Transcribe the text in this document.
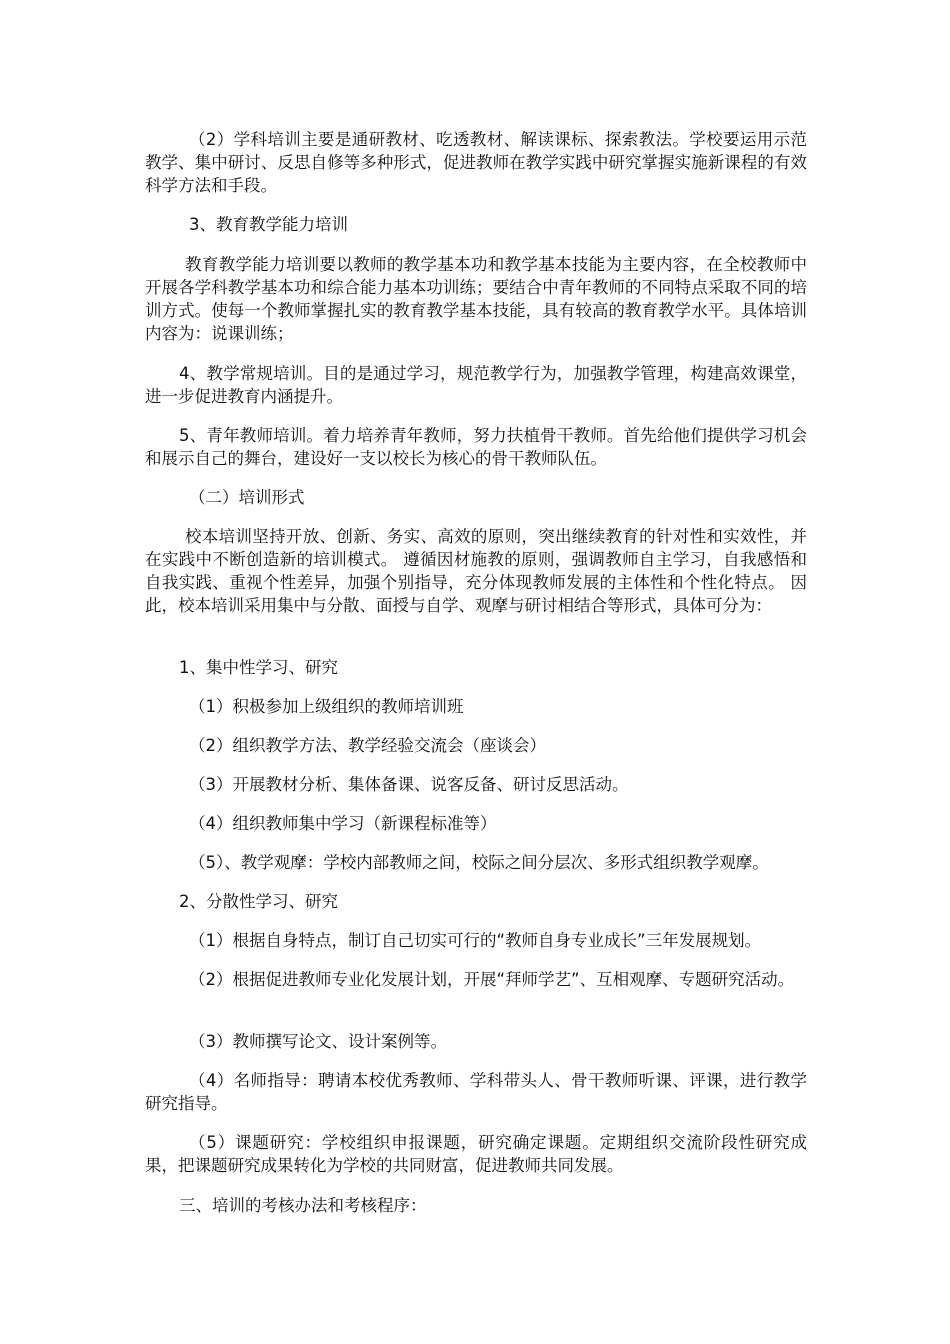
（2）学科培训主要是通研教材、吃透教材、解读课标、探索教法。学校要运用示范教学、集中研讨、反思自修等多种形式，促进教师在教学实践中研究掌握实施新课程的有效科学方法和手段。

3、教育教学能力培训

教育教学能力培训要以教师的教学基本功和教学基本技能为主要内容，在全校教师中开展各学科教学基本功和综合能力基本功训练；要结合中青年教师的不同特点采取不同的培训方式。使每一个教师掌握扎实的教育教学基本技能，具有较高的教育教学水平。具体培训内容为：说课训练；

4、教学常规培训。目的是通过学习，规范教学行为，加强教学管理，构建高效课堂，进一步促进教育内涵提升。

5、青年教师培训。着力培养青年教师，努力扶植骨干教师。首先给他们提供学习机会和展示自己的舞台，建设好一支以校长为核心的骨干教师队伍。

（二）培训形式

校本培训坚持开放、创新、务实、高效的原则，突出继续教育的针对性和实效性，并在实践中不断创造新的培训模式。 遵循因材施教的原则，强调教师自主学习，自我感悟和自我实践、重视个性差异，加强个别指导，充分体现教师发展的主体性和个性化特点。 因此，校本培训采用集中与分散、面授与自学、观摩与研讨相结合等形式，具体可分为：

1、集中性学习、研究

（1）积极参加上级组织的教师培训班

（2）组织教学方法、教学经验交流会（座谈会）

（3）开展教材分析、集体备课、说客反备、研讨反思活动。

（4）组织教师集中学习（新课程标准等）

（5）、教学观摩：学校内部教师之间，校际之间分层次、多形式组织教学观摩。

2、分散性学习、研究

（1）根据自身特点，制订自己切实可行的“教师自身专业成长”三年发展规划。

（2）根据促进教师专业化发展计划，开展“拜师学艺”、互相观摩、专题研究活动。

（3）教师撰写论文、设计案例等。

（4）名师指导：聘请本校优秀教师、学科带头人、骨干教师听课、评课，进行教学研究指导。

（5）课题研究：学校组织申报课题，研究确定课题。定期组织交流阶段性研究成果，把课题研究成果转化为学校的共同财富，促进教师共同发展。

三、培训的考核办法和考核程序：
